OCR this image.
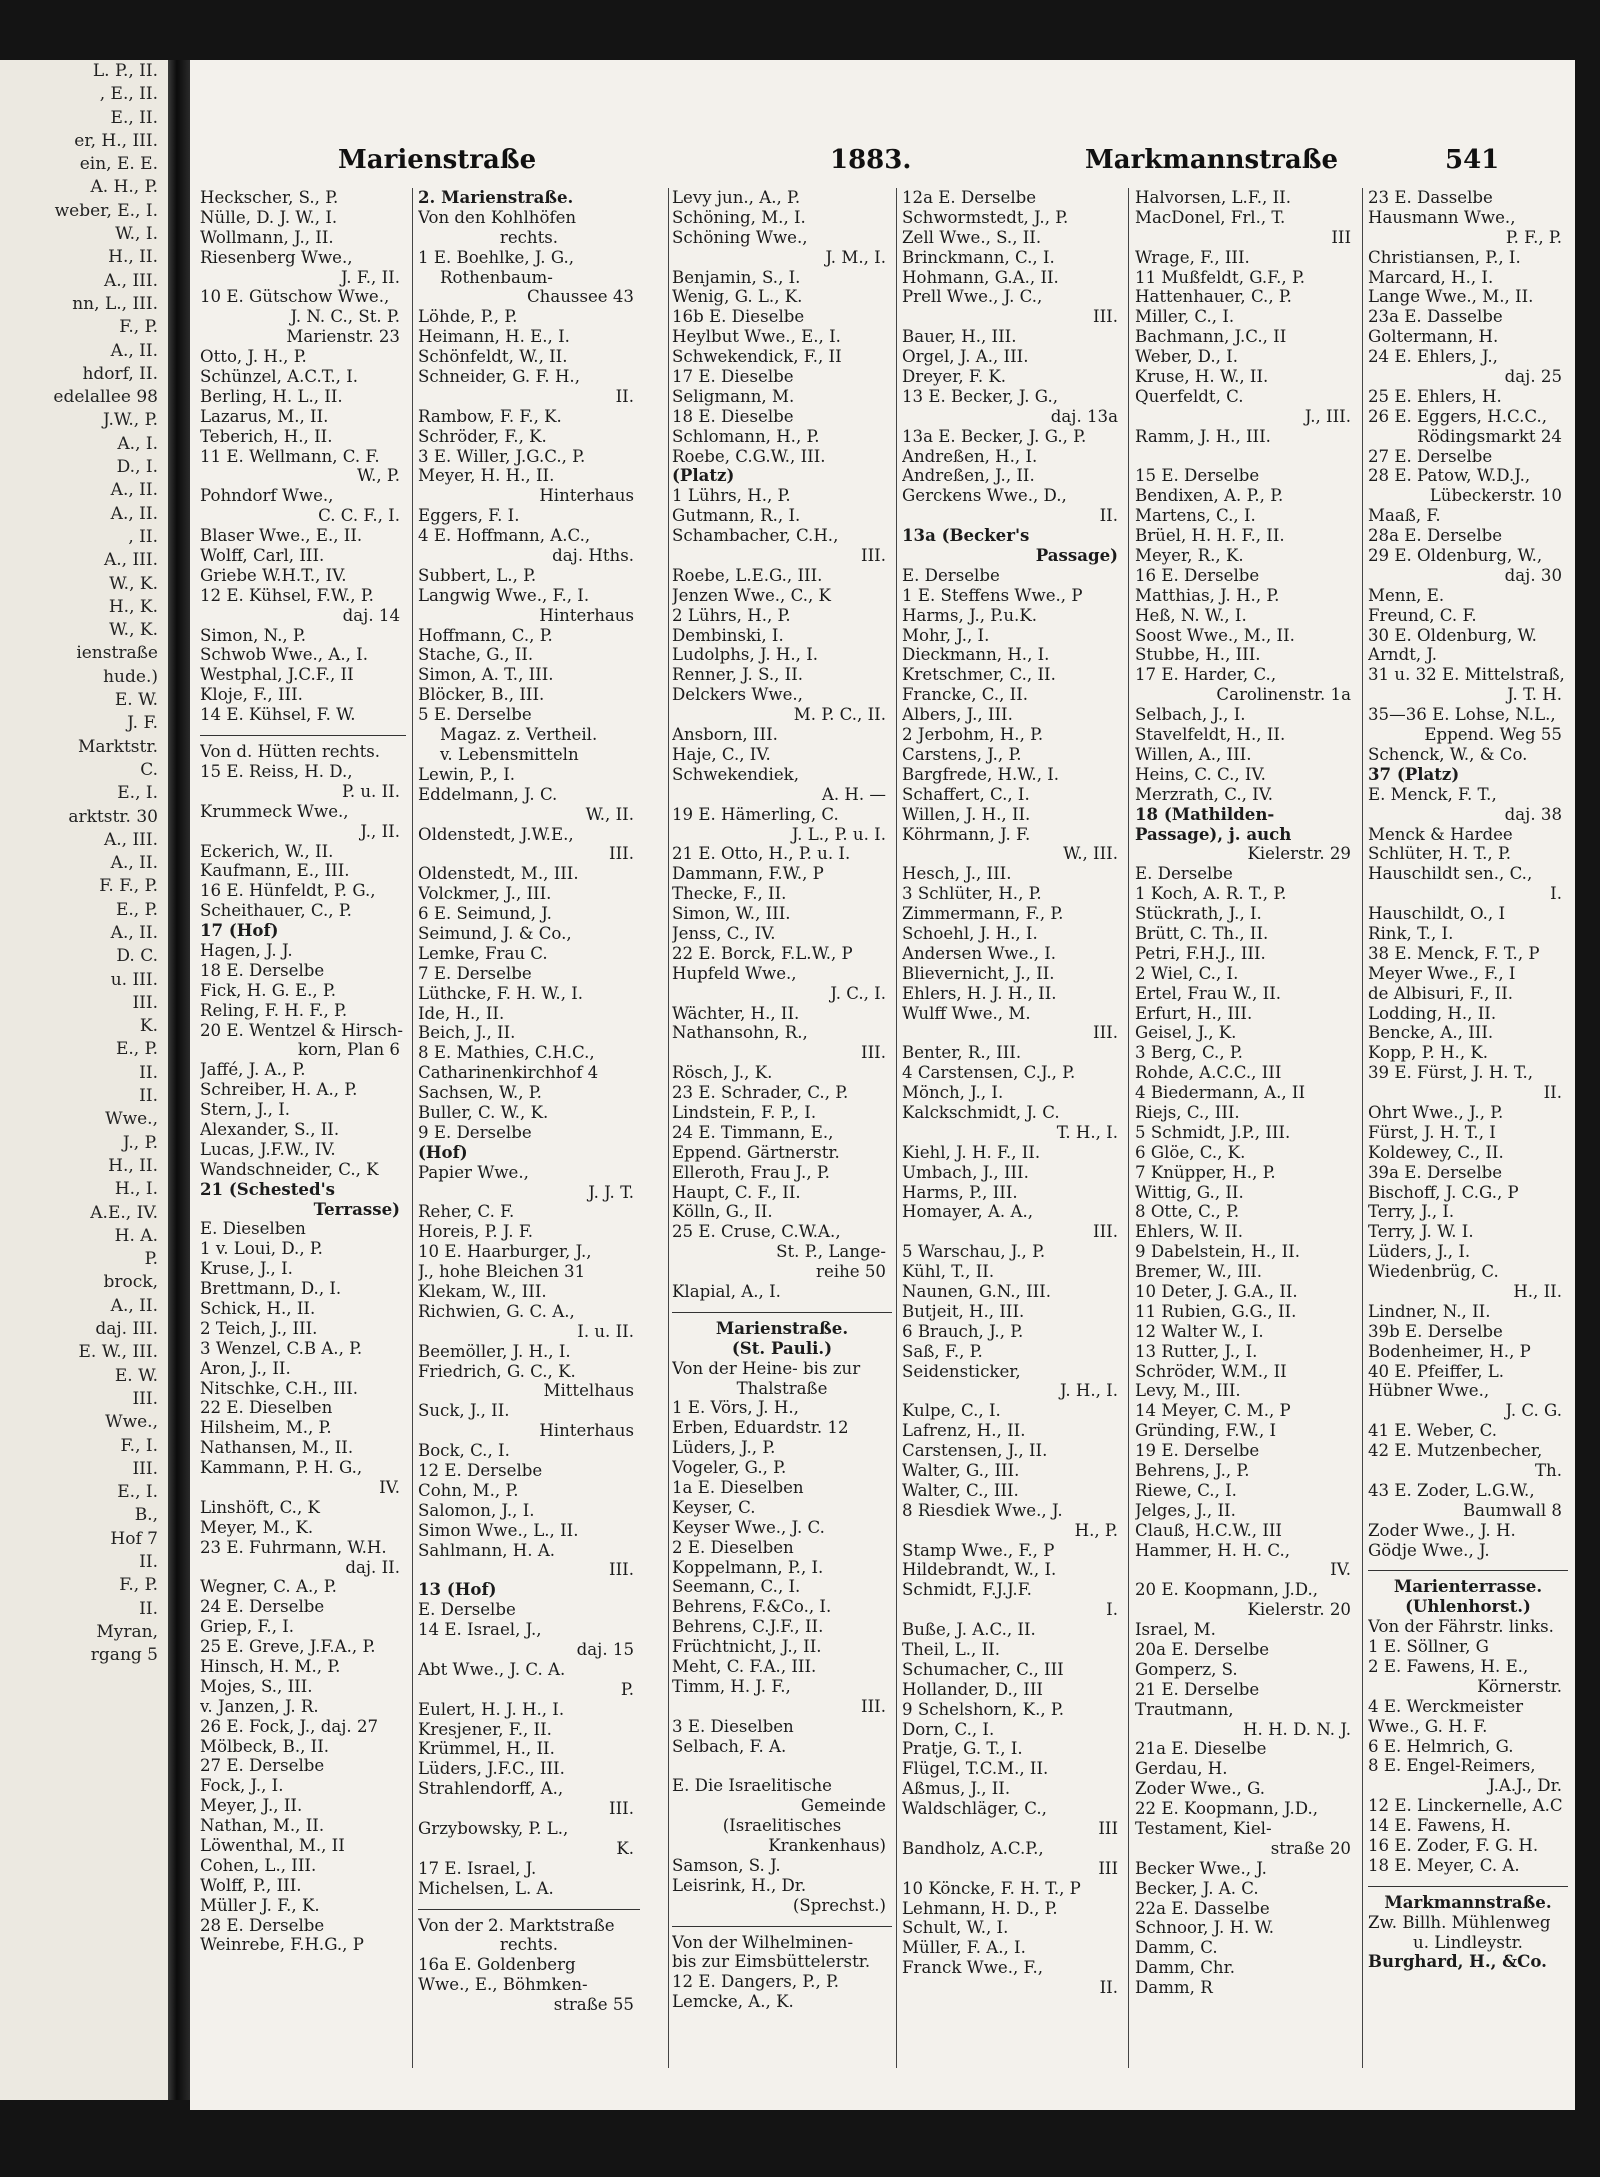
L. P., II.
, E., II.
E., II.
er, H., III.
ein, E. E.
A. H., P.
weber, E., I.
W., I.
H., II.
A., III.
nn, L., III.
F., P.
A., II.
hdorf, II.
edelallee 98
J.W., P.
A., I.
D., I.
A., II.
A., II.
, II.
A., III.
W., K.
H., K.
W., K.
ienstraße
hude.)
E. W.
J. F.
Marktstr.
C.
E., I.
arktstr. 30
A., III.
A., II.
F. F., P.
E., P.
A., II.
D. C.
u. III.
III.
K.
E., P.
II.
II.
Wwe.,
J., P.
H., II.
H., I.
A.E., IV.
H. A.
P.
brock,
A., II.
daj. III.
E. W., III.
E. W.
III.
Wwe.,
F., I.
III.
E., I.
B.,
Hof 7
II.
F., P.
II.
Myran,
rgang 5
Marienstraße	1883.	Markmannstraße	541
Heckscher, S., P.
Nülle, D. J. W., I.
Wollmann, J., II.
Riesenberg Wwe.,
J. F., II.
10 E. Gütschow Wwe.,
J. N. C., St. P.
Marienstr. 23
Otto, J. H., P.
Schünzel, A.C.T., I.
Berling, H. L., II.
Lazarus, M., II.
Teberich, H., II.
11 E. Wellmann, C. F.
W., P.
Pohndorf Wwe.,
C. C. F., I.
Blaser Wwe., E., II.
Wolff, Carl, III.
Griebe W.H.T., IV.
12 E. Kühsel, F.W., P.
daj. 14
Simon, N., P.
Schwob Wwe., A., I.
Westphal, J.C.F., II
Kloje, F., III.
14 E. Kühsel, F. W.
Von d. Hütten rechts.
15 E. Reiss, H. D.,
P. u. II.
Krummeck Wwe.,
J., II.
Eckerich, W., II.
Kaufmann, E., III.
16 E. Hünfeldt, P. G.,
Scheithauer, C., P.
17 (Hof)
Hagen, J. J.
18 E. Derselbe
Fick, H. G. E., P.
Reling, F. H. F., P.
20 E. Wentzel & Hirsch-
korn, Plan 6
Jaffé, J. A., P.
Schreiber, H. A., P.
Stern, J., I.
Alexander, S., II.
Lucas, J.F.W., IV.
Wandschneider, C., K
21 (Schested's
Terrasse)
E. Dieselben
1 v. Loui, D., P.
Kruse, J., I.
Brettmann, D., I.
Schick, H., II.
2 Teich, J., III.
3 Wenzel, C.B A., P.
Aron, J., II.
Nitschke, C.H., III.
22 E. Dieselben
Hilsheim, M., P.
Nathansen, M., II.
Kammann, P. H. G.,
IV.
Linshöft, C., K
Meyer, M., K.
23 E. Fuhrmann, W.H.
daj. II.
Wegner, C. A., P.
24 E. Derselbe
Griep, F., I.
25 E. Greve, J.F.A., P.
Hinsch, H. M., P.
Mojes, S., III.
v. Janzen, J. R.
26 E. Fock, J., daj. 27
Mölbeck, B., II.
27 E. Derselbe
Fock, J., I.
Meyer, J., II.
Nathan, M., II.
Löwenthal, M., II
Cohen, L., III.
Wolff, P., III.
Müller J. F., K.
28 E. Derselbe
Weinrebe, F.H.G., P
2. Marienstraße.
Von den Kohlhöfen
rechts.
1 E. Boehlke, J. G.,
Rothenbaum-
Chaussee 43
Löhde, P., P.
Heimann, H. E., I.
Schönfeldt, W., II.
Schneider, G. F. H.,
II.
Rambow, F. F., K.
Schröder, F., K.
3 E. Willer, J.G.C., P.
Meyer, H. H., II.
Hinterhaus
Eggers, F. I.
4 E. Hoffmann, A.C.,
daj. Hths.
Subbert, L., P.
Langwig Wwe., F., I.
Hinterhaus
Hoffmann, C., P.
Stache, G., II.
Simon, A. T., III.
Blöcker, B., III.
5 E. Derselbe
Magaz. z. Vertheil.
v. Lebensmitteln
Lewin, P., I.
Eddelmann, J. C.
W., II.
Oldenstedt, J.W.E.,
III.
Oldenstedt, M., III.
Volckmer, J., III.
6 E. Seimund, J.
Seimund, J. & Co.,
Lemke, Frau C.
7 E. Derselbe
Lüthcke, F. H. W., I.
Ide, H., II.
Beich, J., II.
8 E. Mathies, C.H.C.,
Catharinenkirchhof 4
Sachsen, W., P.
Buller, C. W., K.
9 E. Derselbe
(Hof)
Papier Wwe.,
J. J. T.
Reher, C. F.
Horeis, P. J. F.
10 E. Haarburger, J.,
J., hohe Bleichen 31
Klekam, W., III.
Richwien, G. C. A.,
I. u. II.
Beemöller, J. H., I.
Friedrich, G. C., K.
Mittelhaus
Suck, J., II.
Hinterhaus
Bock, C., I.
12 E. Derselbe
Cohn, M., P.
Salomon, J., I.
Simon Wwe., L., II.
Sahlmann, H. A.
III.
13 (Hof)
E. Derselbe
14 E. Israel, J.,
daj. 15
Abt Wwe., J. C. A.
P.
Eulert, H. J. H., I.
Kresjener, F., II.
Krümmel, H., II.
Lüders, J.F.C., III.
Strahlendorff, A.,
III.
Grzybowsky, P. L.,
K.
17 E. Israel, J.
Michelsen, L. A.
Von der 2. Marktstraße
rechts.
16a E. Goldenberg
Wwe., E., Böhmken-
straße 55
Levy jun., A., P.
Schöning, M., I.
Schöning Wwe.,
J. M., I.
Benjamin, S., I.
Wenig, G. L., K.
16b E. Dieselbe
Heylbut Wwe., E., I.
Schwekendick, F., II
17 E. Dieselbe
Seligmann, M.
18 E. Dieselbe
Schlomann, H., P.
Roebe, C.G.W., III.
(Platz)
1 Lührs, H., P.
Gutmann, R., I.
Schambacher, C.H.,
III.
Roebe, L.E.G., III.
Jenzen Wwe., C., K
2 Lührs, H., P.
Dembinski, I.
Ludolphs, J. H., I.
Renner, J. S., II.
Delckers Wwe.,
M. P. C., II.
Ansborn, III.
Haje, C., IV.
Schwekendiek,
A. H. —
19 E. Hämerling, C.
J. L., P. u. I.
21 E. Otto, H., P. u. I.
Dammann, F.W., P
Thecke, F., II.
Simon, W., III.
Jenss, C., IV.
22 E. Borck, F.L.W., P
Hupfeld Wwe.,
J. C., I.
Wächter, H., II.
Nathansohn, R.,
III.
Rösch, J., K.
23 E. Schrader, C., P.
Lindstein, F. P., I.
24 E. Timmann, E.,
Eppend. Gärtnerstr.
Elleroth, Frau J., P.
Haupt, C. F., II.
Kölln, G., II.
25 E. Cruse, C.W.A.,
St. P., Lange-
reihe 50
Klapial, A., I.
Marienstraße.
(St. Pauli.)
Von der Heine- bis zur
Thalstraße
1 E. Vörs, J. H.,
Erben, Eduardstr. 12
Lüders, J., P.
Vogeler, G., P.
1a E. Dieselben
Keyser, C.
Keyser Wwe., J. C.
2 E. Dieselben
Koppelmann, P., I.
Seemann, C., I.
Behrens, F.&Co., I.
Behrens, C.J.F., II.
Früchtnicht, J., II.
Meht, C. F.A., III.
Timm, H. J. F.,
III.
3 E. Dieselben
Selbach, F. A.
E. Die Israelitische
Gemeinde
(Israelitisches
Krankenhaus)
Samson, S. J.
Leisrink, H., Dr.
(Sprechst.)
Von der Wilhelminen-
bis zur Eimsbüttelerstr.
12 E. Dangers, P., P.
Lemcke, A., K.
12a E. Derselbe
Schwormstedt, J., P.
Zell Wwe., S., II.
Brinckmann, C., I.
Hohmann, G.A., II.
Prell Wwe., J. C.,
III.
Bauer, H., III.
Orgel, J. A., III.
Dreyer, F. K.
13 E. Becker, J. G.,
daj. 13a
13a E. Becker, J. G., P.
Andreßen, H., I.
Andreßen, J., II.
Gerckens Wwe., D.,
II.
13a (Becker's
Passage)
E. Derselbe
1 E. Steffens Wwe., P
Harms, J., P.u.K.
Mohr, J., I.
Dieckmann, H., I.
Kretschmer, C., II.
Francke, C., II.
Albers, J., III.
2 Jerbohm, H., P.
Carstens, J., P.
Bargfrede, H.W., I.
Schaffert, C., I.
Willen, J. H., II.
Köhrmann, J. F.
W., III.
Hesch, J., III.
3 Schlüter, H., P.
Zimmermann, F., P.
Schoehl, J. H., I.
Andersen Wwe., I.
Blievernicht, J., II.
Ehlers, H. J. H., II.
Wulff Wwe., M.
III.
Benter, R., III.
4 Carstensen, C.J., P.
Mönch, J., I.
Kalckschmidt, J. C.
T. H., I.
Kiehl, J. H. F., II.
Umbach, J., III.
Harms, P., III.
Homayer, A. A.,
III.
5 Warschau, J., P.
Kühl, T., II.
Naunen, G.N., III.
Butjeit, H., III.
6 Brauch, J., P.
Saß, F., P.
Seidensticker,
J. H., I.
Kulpe, C., I.
Lafrenz, H., II.
Carstensen, J., II.
Walter, G., III.
Walter, C., III.
8 Riesdiek Wwe., J.
H., P.
Stamp Wwe., F., P
Hildebrandt, W., I.
Schmidt, F.J.J.F.
I.
Buße, J. A.C., II.
Theil, L., II.
Schumacher, C., III
Hollander, D., III
9 Schelshorn, K., P.
Dorn, C., I.
Pratje, G. T., I.
Flügel, T.C.M., II.
Aßmus, J., II.
Waldschläger, C.,
III
Bandholz, A.C.P.,
III
10 Köncke, F. H. T., P
Lehmann, H. D., P.
Schult, W., I.
Müller, F. A., I.
Franck Wwe., F.,
II.
Halvorsen, L.F., II.
MacDonel, Frl., T.
III
Wrage, F., III.
11 Mußfeldt, G.F., P.
Hattenhauer, C., P.
Miller, C., I.
Bachmann, J.C., II
Weber, D., I.
Kruse, H. W., II.
Querfeldt, C.
J., III.
Ramm, J. H., III.
15 E. Derselbe
Bendixen, A. P., P.
Martens, C., I.
Brüel, H. H. F., II.
Meyer, R., K.
16 E. Derselbe
Matthias, J. H., P.
Heß, N. W., I.
Soost Wwe., M., II.
Stubbe, H., III.
17 E. Harder, C.,
Carolinenstr. 1a
Selbach, J., I.
Stavelfeldt, H., II.
Willen, A., III.
Heins, C. C., IV.
Merzrath, C., IV.
18 (Mathilden-
Passage), j. auch
Kielerstr. 29
E. Derselbe
1 Koch, A. R. T., P.
Stückrath, J., I.
Brütt, C. Th., II.
Petri, F.H.J., III.
2 Wiel, C., I.
Ertel, Frau W., II.
Erfurt, H., III.
Geisel, J., K.
3 Berg, C., P.
Rohde, A.C.C., III
4 Biedermann, A., II
Riejs, C., III.
5 Schmidt, J.P., III.
6 Glöe, C., K.
7 Knüpper, H., P.
Wittig, G., II.
8 Otte, C., P.
Ehlers, W. II.
9 Dabelstein, H., II.
Bremer, W., III.
10 Deter, J. G.A., II.
11 Rubien, G.G., II.
12 Walter W., I.
13 Rutter, J., I.
Schröder, W.M., II
Levy, M., III.
14 Meyer, C. M., P
Gründing, F.W., I
19 E. Derselbe
Behrens, J., P.
Riewe, C., I.
Jelges, J., II.
Clauß, H.C.W., III
Hammer, H. H. C.,
IV.
20 E. Koopmann, J.D.,
Kielerstr. 20
Israel, M.
20a E. Derselbe
Gomperz, S.
21 E. Derselbe
Trautmann,
H. H. D. N. J.
21a E. Dieselbe
Gerdau, H.
Zoder Wwe., G.
22 E. Koopmann, J.D.,
Testament, Kiel-
straße 20
Becker Wwe., J.
Becker, J. A. C.
22a E. Dasselbe
Schnoor, J. H. W.
Damm, C.
Damm, Chr.
Damm, R
23 E. Dasselbe
Hausmann Wwe.,
P. F., P.
Christiansen, P., I.
Marcard, H., I.
Lange Wwe., M., II.
23a E. Dasselbe
Goltermann, H.
24 E. Ehlers, J.,
daj. 25
25 E. Ehlers, H.
26 E. Eggers, H.C.C.,
Rödingsmarkt 24
27 E. Derselbe
28 E. Patow, W.D.J.,
Lübeckerstr. 10
Maaß, F.
28a E. Derselbe
29 E. Oldenburg, W.,
daj. 30
Menn, E.
Freund, C. F.
30 E. Oldenburg, W.
Arndt, J.
31 u. 32 E. Mittelstraß,
J. T. H.
35—36 E. Lohse, N.L.,
Eppend. Weg 55
Schenck, W., & Co.
37 (Platz)
E. Menck, F. T.,
daj. 38
Menck & Hardee
Schlüter, H. T., P.
Hauschildt sen., C.,
I.
Hauschildt, O., I
Rink, T., I.
38 E. Menck, F. T., P
Meyer Wwe., F., I
de Albisuri, F., II.
Lodding, H., II.
Bencke, A., III.
Kopp, P. H., K.
39 E. Fürst, J. H. T.,
II.
Ohrt Wwe., J., P.
Fürst, J. H. T., I
Koldewey, C., II.
39a E. Derselbe
Bischoff, J. C.G., P
Terry, J., I.
Terry, J. W. I.
Lüders, J., I.
Wiedenbrüg, C.
H., II.
Lindner, N., II.
39b E. Derselbe
Bodenheimer, H., P
40 E. Pfeiffer, L.
Hübner Wwe.,
J. C. G.
41 E. Weber, C.
42 E. Mutzenbecher,
Th.
43 E. Zoder, L.G.W.,
Baumwall 8
Zoder Wwe., J. H.
Gödje Wwe., J.
Marienterrasse.
(Uhlenhorst.)
Von der Fährstr. links.
1 E. Söllner, G
2 E. Fawens, H. E.,
Körnerstr.
4 E. Werckmeister
Wwe., G. H. F.
6 E. Helmrich, G.
8 E. Engel-Reimers,
J.A.J., Dr.
12 E. Linckernelle, A.C
14 E. Fawens, H.
16 E. Zoder, F. G. H.
18 E. Meyer, C. A.
Markmannstraße.
Zw. Billh. Mühlenweg
u. Lindleystr.
Burghard, H., &Co.
